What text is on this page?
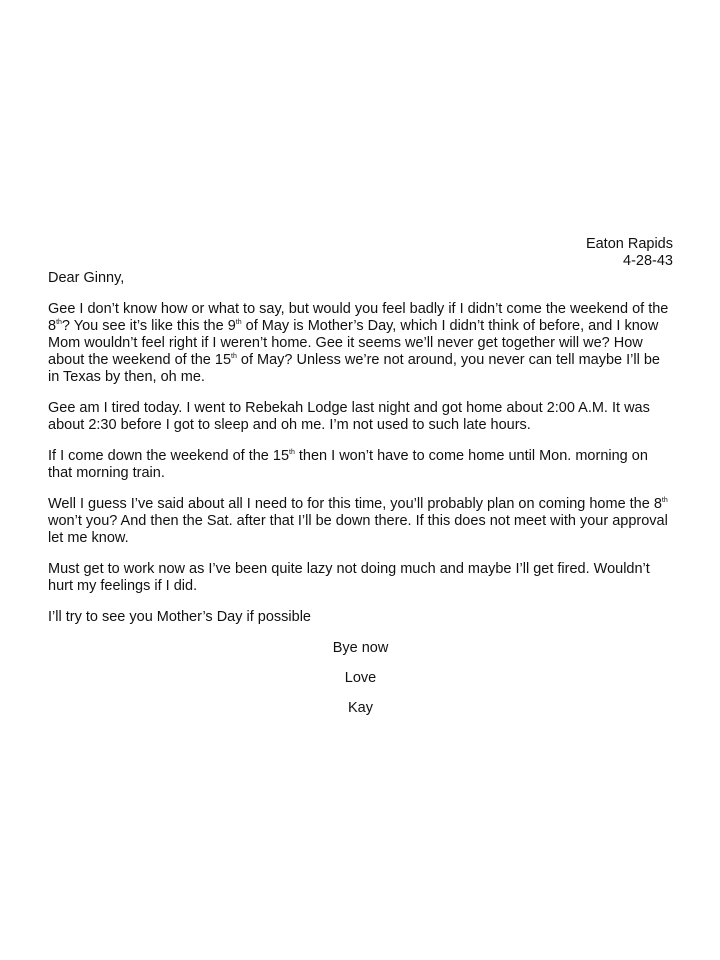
Eaton Rapids
4-28-43
Dear Ginny,

Gee I don’t know how or what to say, but would you feel badly if I didn’t come the weekend of the 8th? You see it’s like this the 9th of May is Mother’s Day, which I didn’t think of before, and I know Mom wouldn’t feel right if I weren’t home. Gee it seems we’ll never get together will we? How about the weekend of the 15th of May? Unless we’re not around, you never can tell maybe I’ll be in Texas by then, oh me.

Gee am I tired today. I went to Rebekah Lodge last night and got home about 2:00 A.M. It was about 2:30 before I got to sleep and oh me. I’m not used to such late hours.

If I come down the weekend of the 15th then I won’t have to come home until Mon. morning on that morning train.

Well I guess I’ve said about all I need to for this time, you’ll probably plan on coming home the 8th won’t you? And then the Sat. after that I’ll be down there. If this does not meet with your approval let me know.

Must get to work now as I’ve been quite lazy not doing much and maybe I’ll get fired. Wouldn’t hurt my feelings if I did.

I’ll try to see you Mother’s Day if possible

Bye now
Love
Kay
